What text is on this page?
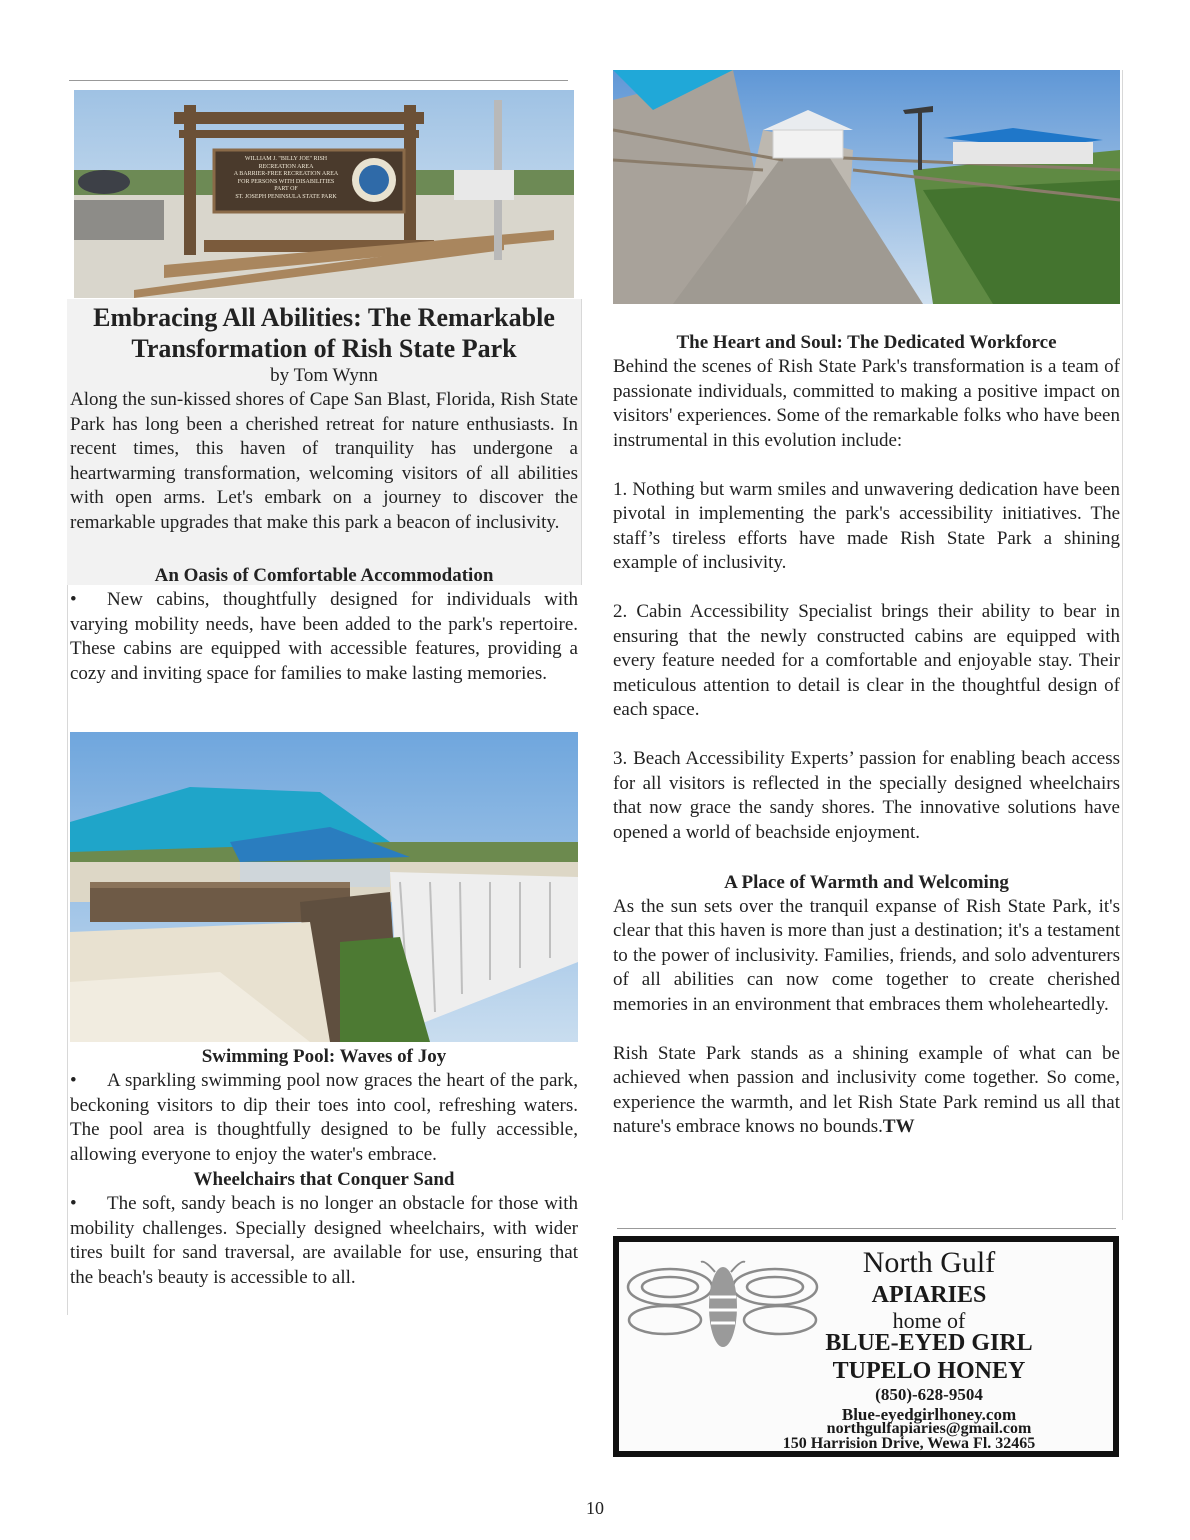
WILLIAM J. "BILLY JOE" RISH
RECREATION AREA
A BARRIER-FREE RECREATION AREA
FOR PERSONS WITH DISABILITIES
PART OF
ST. JOSEPH PENINSULA STATE PARK

Embracing All Abilities: The Remarkable Transformation of Rish State Park

by Tom Wynn

Along the sun-kissed shores of Cape San Blast, Florida, Rish State Park has long been a cherished retreat for nature enthusiasts. In recent times, this haven of tranquility has undergone a heartwarming transformation, welcoming visitors of all abilities with open arms. Let's embark on a journey to discover the remarkable upgrades that make this park a beacon of inclusivity.

An Oasis of Comfortable Accommodation

• New cabins, thoughtfully designed for individuals with varying mobility needs, have been added to the park's repertoire. These cabins are equipped with accessible features, providing a cozy and inviting space for families to make lasting memories.

Swimming Pool: Waves of Joy

• A sparkling swimming pool now graces the heart of the park, beckoning visitors to dip their toes into cool, refreshing waters. The pool area is thoughtfully designed to be fully accessible, allowing everyone to enjoy the water's embrace.

Wheelchairs that Conquer Sand

• The soft, sandy beach is no longer an obstacle for those with mobility challenges. Specially designed wheelchairs, with wider tires built for sand traversal, are available for use, ensuring that the beach's beauty is accessible to all.

The Heart and Soul: The Dedicated Workforce

Behind the scenes of Rish State Park's transformation is a team of passionate individuals, committed to making a positive impact on visitors' experiences. Some of the remarkable folks who have been instrumental in this evolution include:

1. Nothing but warm smiles and unwavering dedication have been pivotal in implementing the park's accessibility initiatives. The staff’s tireless efforts have made Rish State Park a shining example of inclusivity.

2. Cabin Accessibility Specialist brings their ability to bear in ensuring that the newly constructed cabins are equipped with every feature needed for a comfortable and enjoyable stay. Their meticulous attention to detail is clear in the thoughtful design of each space.

3. Beach Accessibility Experts’ passion for enabling beach access for all visitors is reflected in the specially designed wheelchairs that now grace the sandy shores. The innovative solutions have opened a world of beachside enjoyment.

A Place of Warmth and Welcoming

As the sun sets over the tranquil expanse of Rish State Park, it's clear that this haven is more than just a destination; it's a testament to the power of inclusivity. Families, friends, and solo adventurers of all abilities can now come together to create cherished memories in an environment that embraces them wholeheartedly.

Rish State Park stands as a shining example of what can be achieved when passion and inclusivity come together. So come, experience the warmth, and let Rish State Park remind us all that nature's embrace knows no bounds.TW

North Gulf
APIARIES
home of
BLUE-EYED GIRL
TUPELO HONEY
(850)-628-9504
Blue-eyedgirlhoney.com
northgulfapiaries@gmail.com
150 Harrision Drive, Wewa Fl. 32465
10
